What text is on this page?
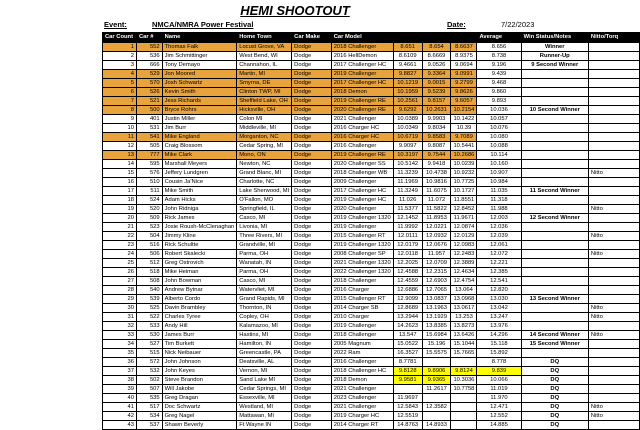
HEMI SHOOTOUT
Event:	NMCA/NMRA Power Festival	Date:	7/22/2023
Car Count	Car #	Name	Home Town	Car Make	Car Model				Average	Win Status/Notes	Nitto/Torq
1	552	Thomas Falk	Locust Grove, VA	Dodge	2018 Challenger	8.651	8.654	8.6637	8.656	Winner	
2	536	Jim Schmittinger	West Bend, WI	Dodge	2016 HellDemon	8.6109	8.6669	8.9375	8.738	Runner-Up	
3	666	Tony Demayo	Channahon, IL	Dodge	2017 Challenger HC	9.4661	9.0526	9.0694	9.196	9 Second Winner	
4	529	Jon Moored	Martin, MI	Dodge	2019 Challenger	9.8827	9.3364	9.0991	9.439		
5	570	Josh Schwartz	Smyrna, DE	Dodge	2017 Challenger HC	10.1219	9.0015	9.2799	9.468		
6	526	Kevin Smith	Clinton TWP, MI	Dodge	2018 Demon	10.1959	9.5239	9.8626	9.860		
7	521	Jess Richards	Sheffield Lake, OH	Dodge	2019 Challenger RE	10.2561	9.8157	9.6057	9.893		
8	500	Bryce Rohrs	Hicksville, OH	Dodge	2020 Challenger RE	9.6292	10.2631	10.2154	10.036	10 Second Winner	
9	401	Justin Miller	Colon MI	Dodge	2021 Challenger	10.0389	9.9903	10.1422	10.057		
10	531	Jim Burr	Middleville, MI	Dodge	2016 Charger HC	10.0349	9.8034	10.39	10.076		
11	541	Mike England	Morganton, NC	Dodge	2016 Charger HC	10.6719	9.8583	9.7089	10.080		
12	505	Craig Blossom	Cedar Spring, MI	Dodge	2016 Challenger	9.9097	9.8087	10.5441	10.088		
13	777	Mike Clark	Mono, ON	Dodge	2019 Challenger RE	10.3197	9.7544	10.2686	10.114		
14	595	Marshall Meyers	Newton, NC	Dodge	2020 Challenger SS	10.5142	9.9418	10.0239	10.160		
15	576	Jeffery Lundgren	Grand Blanc, MI	Dodge	2018 Challenger WB	11.3239	10.4738	10.9232	10.907		Nitto
16	510	Cousin Ja'Nice	Charlotte, NC	Dodge	2009 Challenger	11.1969	10.9816	10.7725	10.984		
17	511	Mike Smith	Lake Sherwood, MI	Dodge	2017 Challenger HC	11.3249	11.6075	10.1727	11.035	11 Second Winner	
18	524	Adam Hicks	O'Fallon, MO	Dodge	2019 Challenger HC	11.026	11.072	11.8551	11.318		
19	520	John Ridniga	Springfield, IL	Dodge	2020 Challenger	11.5377	11.5822	12.8452	11.988		Nitto
20	509	Rick James	Casco, MI	Dodge	2019 Challenger 1320	12.1452	11.8953	11.9671	12.003	12 Second Winner	
21	523	Josie Roush-McClenaghan	Livonia, MI	Dodge	2019 Challenger	11.9992	12.0221	12.0874	12.036		
22	504	Jimmy Kline	Three Rivers, MI	Dodge	2015 Challenger RT	12.0111	12.0932	12.0129	12.039		Nitto
23	516	Rick Schultte	Grandville, MI	Dodge	2019 Challenger 1320	12.0179	12.0676	12.0983	12.061		
24	506	Robert Skalecki	Parma, OH	Dodge	2008 Challenger SP	12.0118	11.957	12.2483	12.072		Nitto
25	512	Greg Ostrovich	Wanatah, IN	Dodge	2021 Challenger 1320	12.2025	12.0709	12.3889	12.221		
26	518	Mike Heiman	Parma, OH	Dodge	2022 Challenger 1320	12.4588	12.2315	12.4634	12.385		
27	508	John Bowman	Casco, MI	Dodge	2018 Challenger	12.4559	12.6903	12.4754	12.541		
28	540	Andrew Bytnar	Watervliet, MI	Dodge	2016 Charger	12.6886	12.7065	13.064	12.820		
29	539	Alberto Cordo	Grand Rapids, MI	Dodge	2015 Challenger RT	12.9099	13.0837	13.0968	13.030	13 Second Winner	
30	525	Davin Brambley	Thornton, IN	Dodge	2014 Charger SB	12.8689	13.1963	13.0617	13.042		Nitto
31	522	Charles Tyree	Copley, OH	Dodge	2010 Charger	13.2944	13.1929	13.253	13.247		Nitto
32	533	Andy Hill	Kalamazoo, MI	Dodge	2019 Challenger	14.2623	13.8385	13.8273	13.976		
33	530	James Burr	Hastins, MI	Dodge	2018 Challenger	13.547	15.6984	13.6426	14.296	14 Second Winner	Nitto
34	527	Tim Burkett	Hamilton, IN	Dodge	2005 Magnum	15.0522	15.196	15.1044	15.118	15 Second Winner	
35	515	Nick Neibauer	Greencastle, PA	Dodge	2022 Ram	16.3527	15.5575	15.7665	15.892		
36	572	John Johnson	Deatsville, AL	Dodge	2016 Challenger	8.7781			8.778	DQ	
37	532	John Keyes	Vernon, MI	Dodge	2018 Challenger HC	9.8128	9.8906	9.8124	9.839	DQ	
38	502	Steve Brandon	Sand Lake MI	Dodge	2018 Demon	9.9581	9.9365	10.3036	10.066	DQ	
39	507	Will Jakobe	Cedar Springs, MI	Dodge	2021 Challenger		11.2617	10.7758	11.019	DQ	
40	535	Greg Dragan	Essexville, MI	Dodge	2023 Challenger	11.9697			11.970	DQ	
41	517	Doc Schwartz	Westland, MI	Dodge	2021 Challenger	12.5843	12.3582		12.471	DQ	Nitto
42	534	Greg Nagel	Mattawan, MI	Dodge	2019 Charger HC	12.5519			12.552	DQ	Nitto
43	537	Shawn Beverly	Ft Wayne IN	Dodge	2014 Charger RT	14.8763	14.8933		14.885	DQ	
